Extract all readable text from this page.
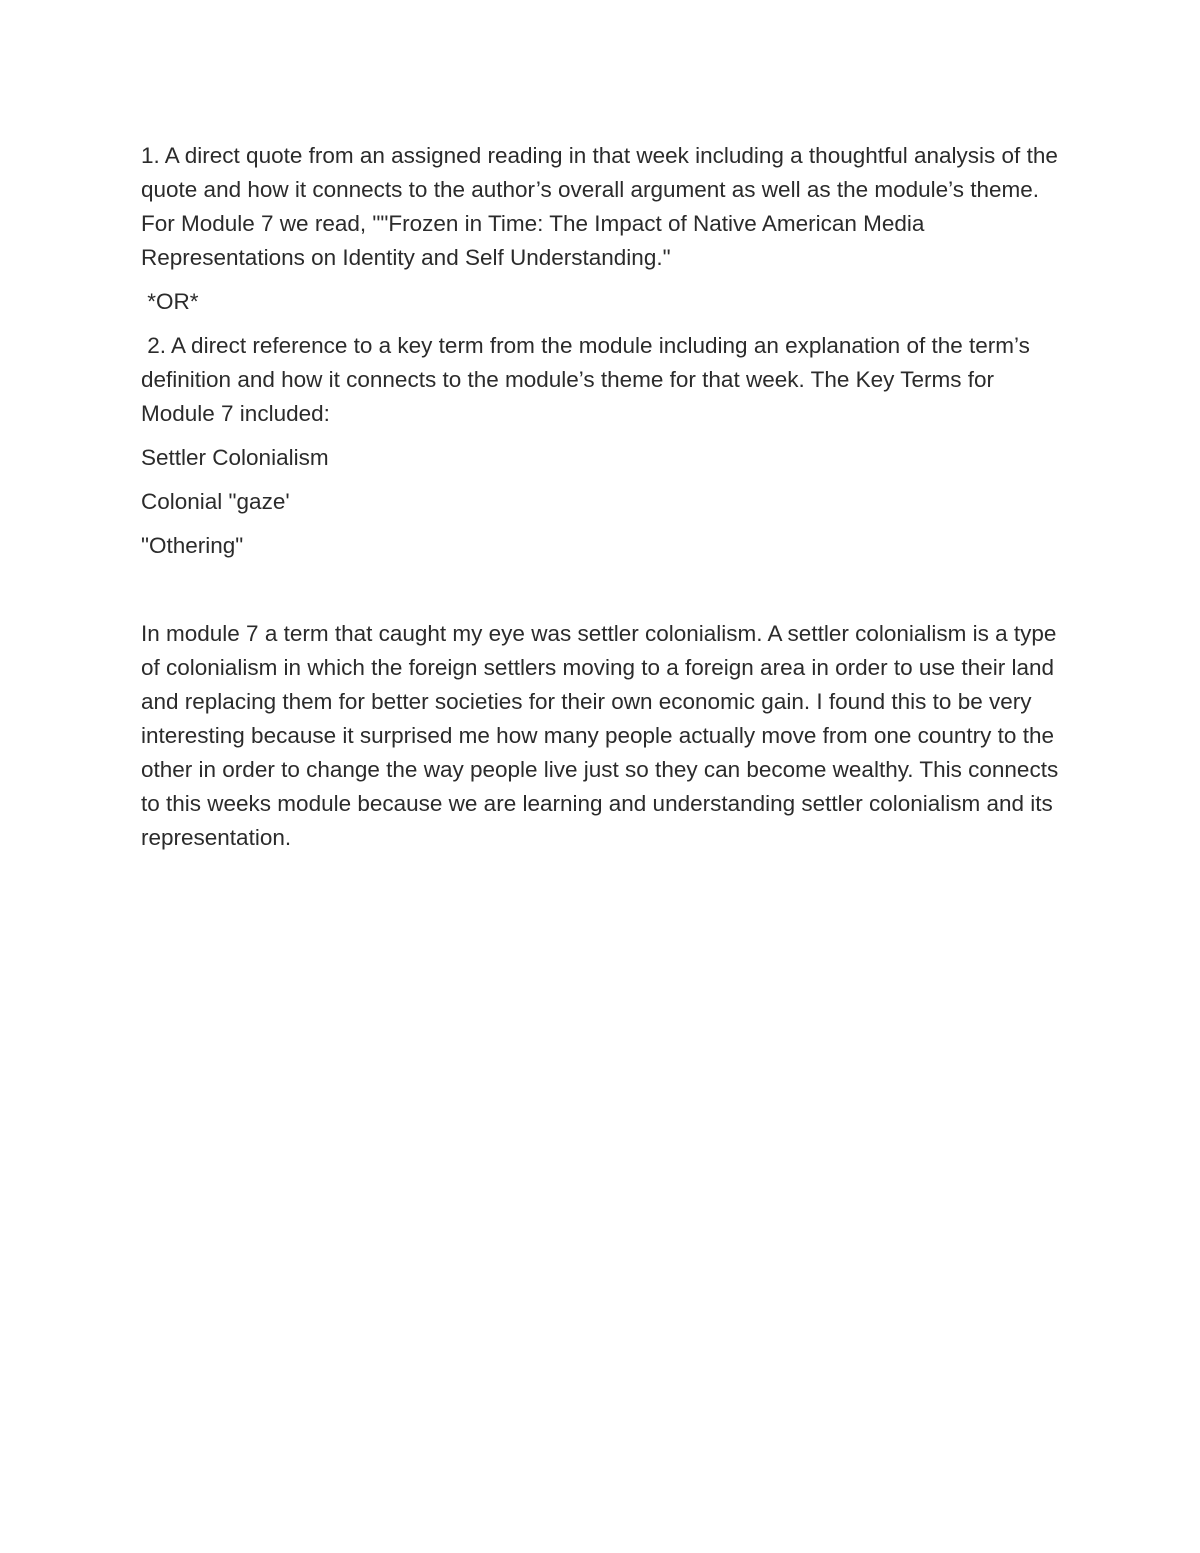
1. A direct quote from an assigned reading in that week including a thoughtful analysis of the quote and how it connects to the author’s overall argument as well as the module’s theme.  For Module 7 we read, ""Frozen in Time: The Impact of Native American Media Representations on Identity and Self Understanding."

*OR*

2. A direct reference to a key term from the module including an explanation of the term’s definition and how it connects to the module’s theme for that week. The Key Terms for Module 7 included:

Settler Colonialism

Colonial "gaze'

"Othering"

In module 7 a term that caught my eye was settler colonialism. A settler colonialism is a type of colonialism in which the foreign settlers moving to a foreign area in order to use their land and replacing them for better societies for their own economic gain. I found this to be very interesting because it surprised me how many people actually move from one country to the other in order to change the way people live just so they can become wealthy. This connects to this weeks module because we are learning and understanding settler colonialism and its representation.
